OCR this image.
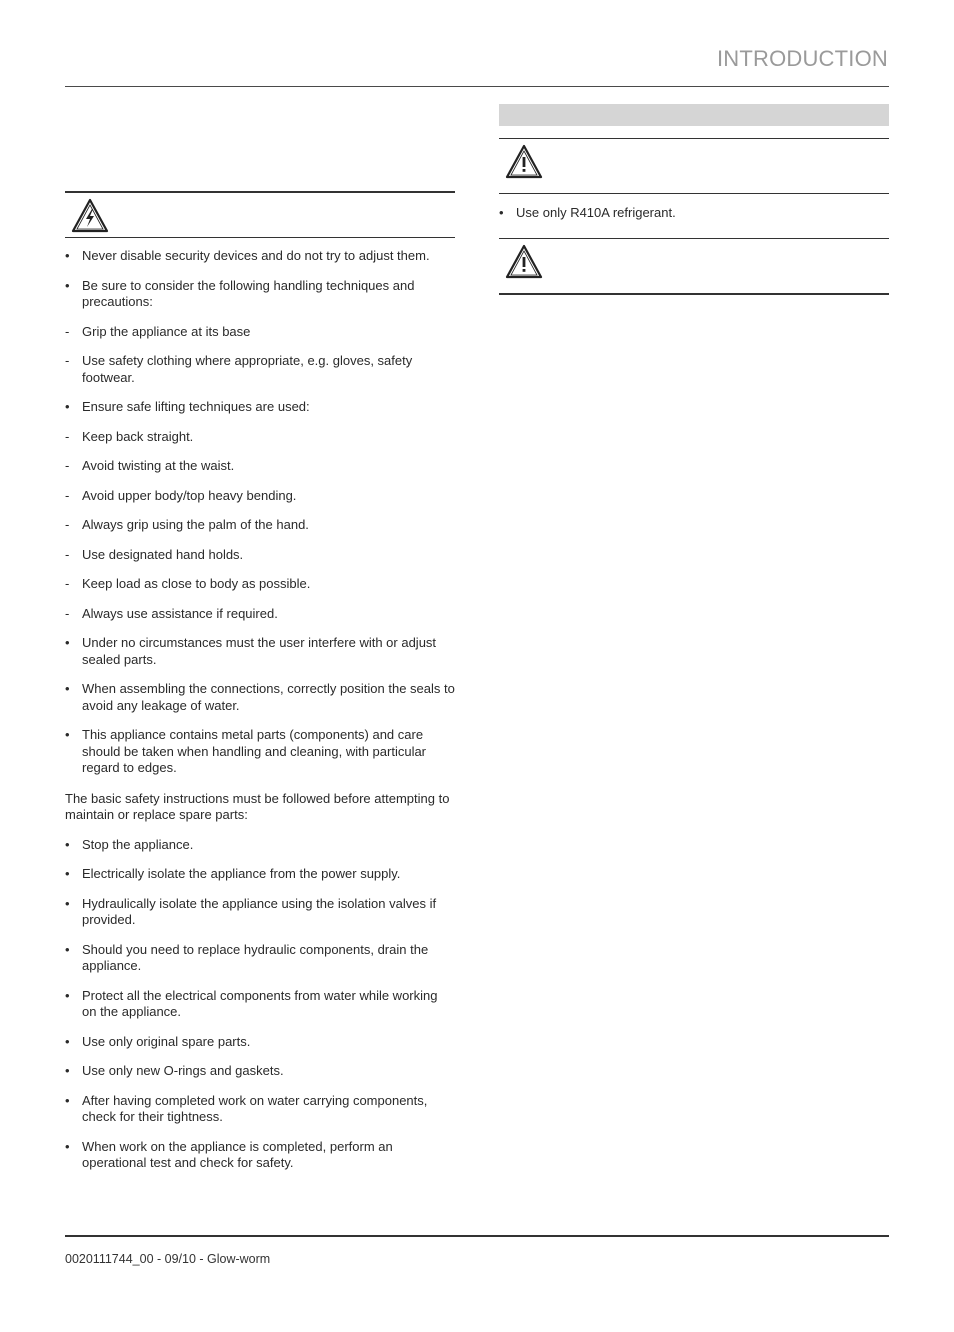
INTRODUCTION
• Never disable security devices and do not try to adjust them.
• Be sure to consider the following handling techniques and precautions:
- Grip the appliance at its base
- Use safety clothing where appropriate, e.g. gloves, safety footwear.
• Ensure safe lifting techniques are used:
- Keep back straight.
- Avoid twisting at the waist.
- Avoid upper body/top heavy bending.
- Always grip using the palm of the hand.
- Use designated hand holds.
- Keep load as close to body as possible.
- Always use assistance if required.
• Under no circumstances must the user interfere with or adjust sealed parts.
• When assembling the connections, correctly position the seals to avoid any leakage of water.
• This appliance contains metal parts (components) and care should be taken when handling and cleaning, with particular regard to edges.

The basic safety instructions must be followed before attempting to maintain or replace spare parts:

• Stop the appliance.
• Electrically isolate the appliance from the power supply.
• Hydraulically isolate the appliance using the isolation valves if provided.
• Should you need to replace hydraulic components, drain the appliance.
• Protect all the electrical components from water while working on the appliance.
• Use only original spare parts.
• Use only new O-rings and gaskets.
• After having completed work on water carrying components, check for their tightness.
• When work on the appliance is completed, perform an operational test and check for safety.
• Use only R410A refrigerant.
0020111744_00 - 09/10 - Glow-worm
